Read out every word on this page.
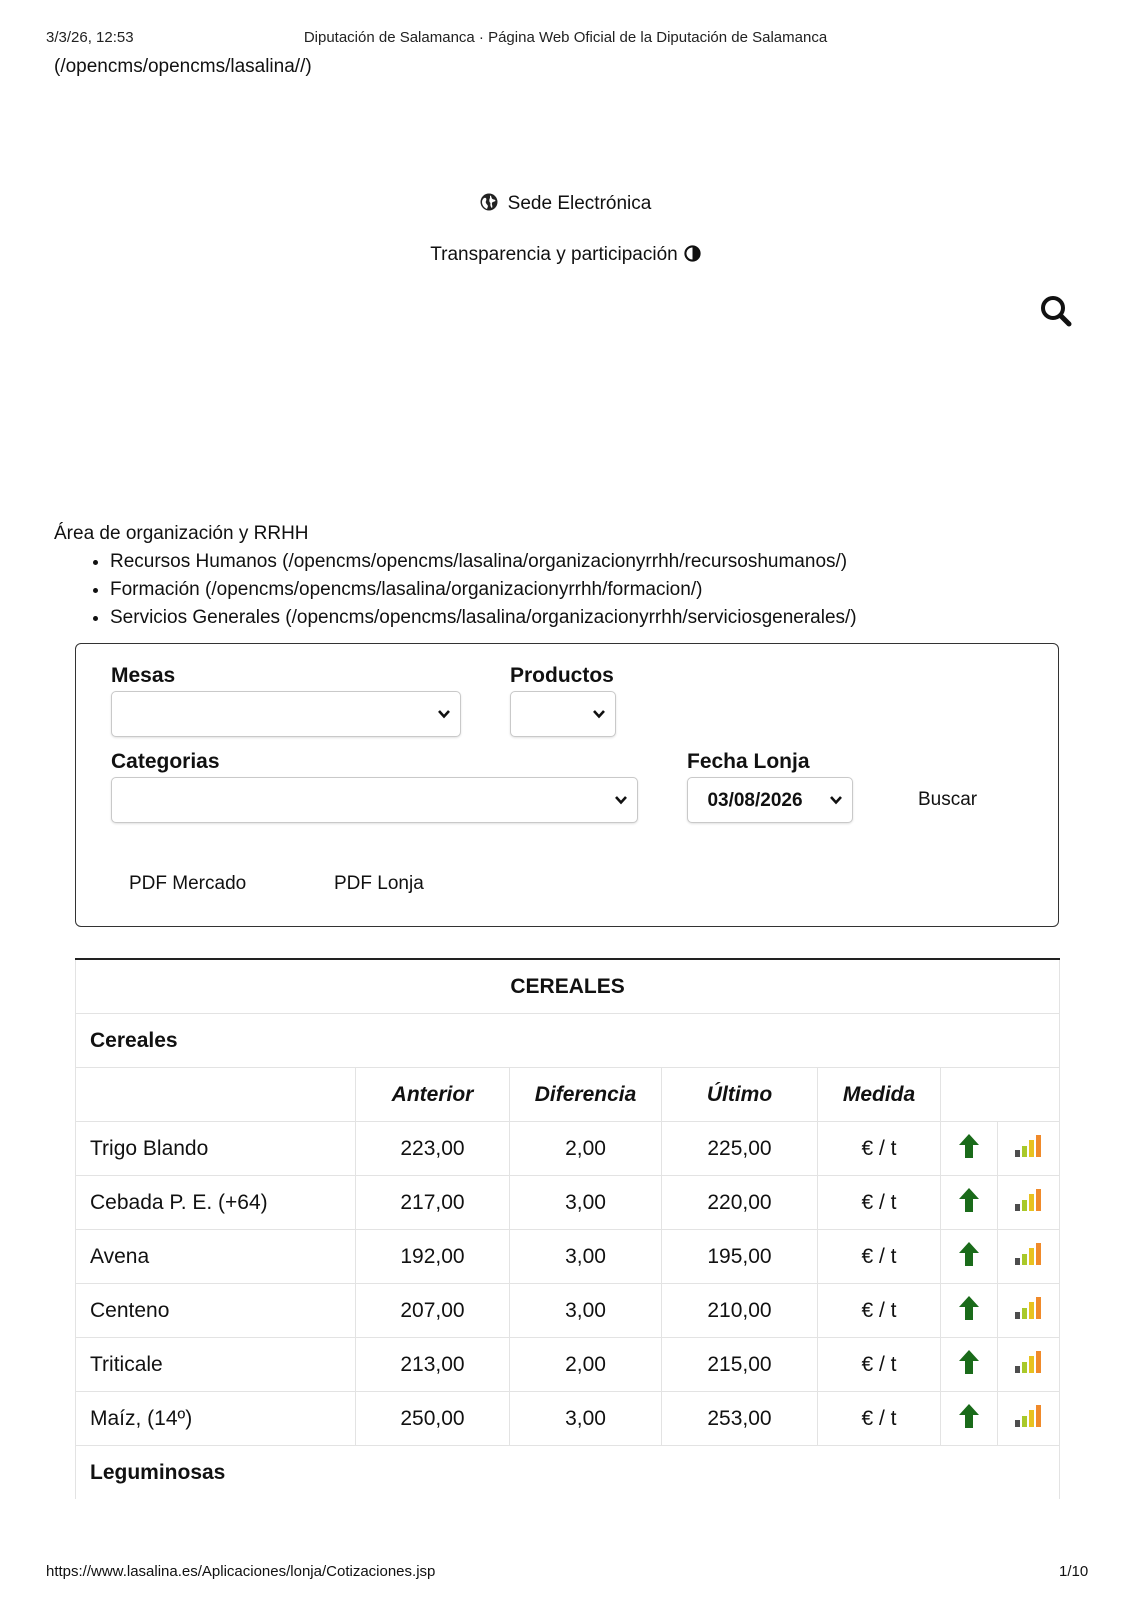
3/3/26, 12:53	Diputación de Salamanca · Página Web Oficial de la Diputación de Salamanca
(/opencms/opencms/lasalina//)
Sede Electrónica
Transparencia y participación
Área de organización y RRHH
• Recursos Humanos (/opencms/opencms/lasalina/organizacionyrrhh/recursoshumanos/)
• Formación (/opencms/opencms/lasalina/organizacionyrrhh/formacion/)
• Servicios Generales (/opencms/opencms/lasalina/organizacionyrrhh/serviciosgenerales/)
Mesas	Productos
Categorias	Fecha Lonja
03/08/2026	Buscar
PDF Mercado	PDF Lonja
CEREALES						
Cereales						
	Anterior	Diferencia	Último	Medida		
Trigo Blando	223,00	2,00	225,00	€ / t		
Cebada P. E. (+64)	217,00	3,00	220,00	€ / t		
Avena	192,00	3,00	195,00	€ / t		
Centeno	207,00	3,00	210,00	€ / t		
Triticale	213,00	2,00	215,00	€ / t		
Maíz, (14º)	250,00	3,00	253,00	€ / t		
Leguminosas						
https://www.lasalina.es/Aplicaciones/lonja/Cotizaciones.jsp	1/10
